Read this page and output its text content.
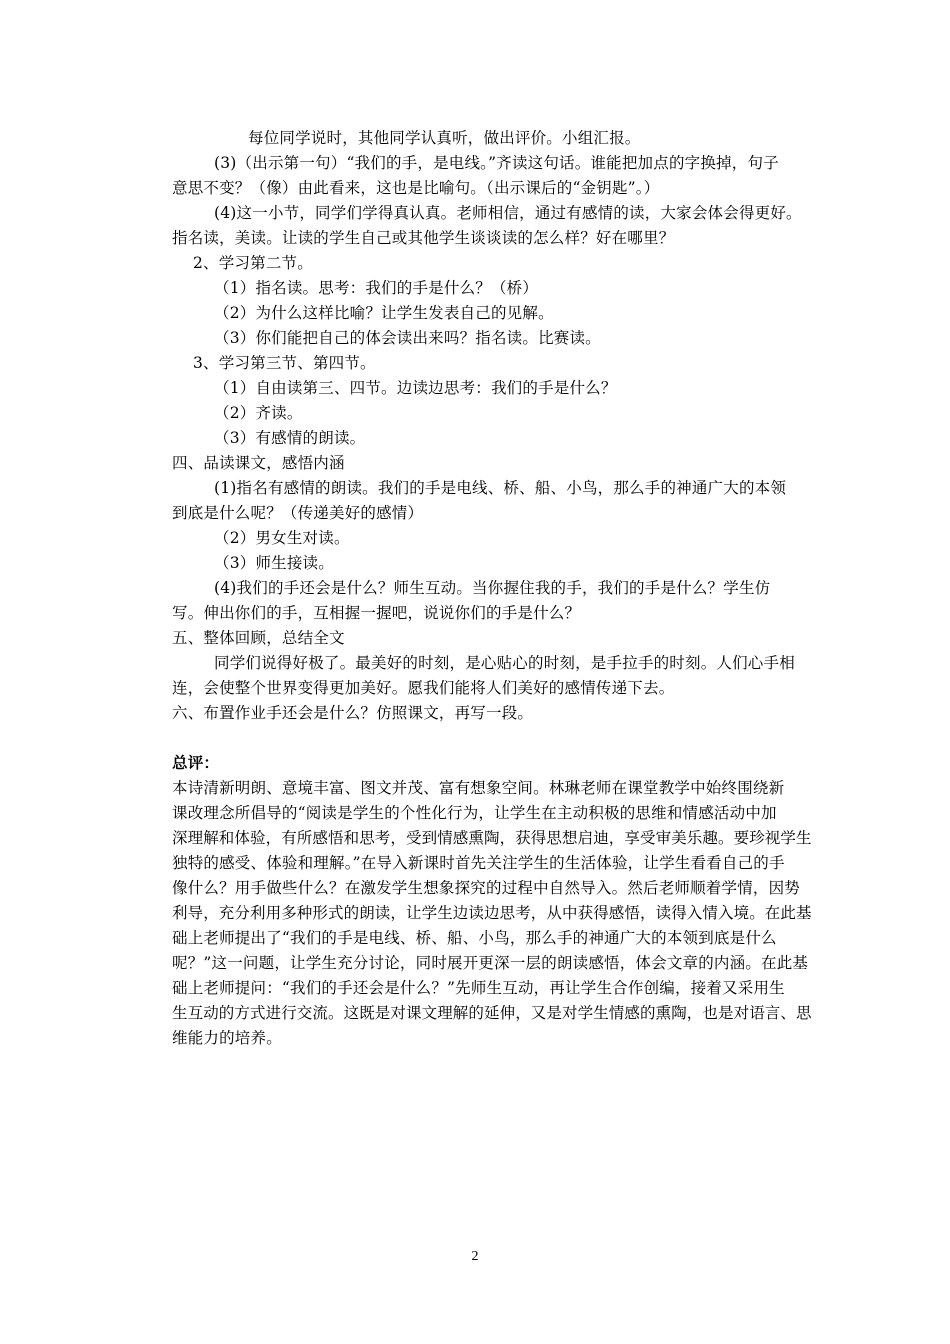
每位同学说时，其他同学认真听，做出评价。小组汇报。
(3)（出示第一句）“我们的手，是电线。”齐读这句话。谁能把加点的字换掉，句子
意思不变？（像）由此看来，这也是比喻句。（出示课后的“金钥匙”。）
(4)这一小节，同学们学得真认真。老师相信，通过有感情的读，大家会体会得更好。
指名读，美读。让读的学生自己或其他学生谈谈读的怎么样？好在哪里？
2、学习第二节。
（1）指名读。思考：我们的手是什么？（桥）
（2）为什么这样比喻？让学生发表自己的见解。
（3）你们能把自己的体会读出来吗？指名读。比赛读。
3、学习第三节、第四节。
（1）自由读第三、四节。边读边思考：我们的手是什么？
（2）齐读。
（3）有感情的朗读。
四、品读课文，感悟内涵
(1)指名有感情的朗读。我们的手是电线、桥、船、小鸟，那么手的神通广大的本领
到底是什么呢？（传递美好的感情）
（2）男女生对读。
（3）师生接读。
(4)我们的手还会是什么？师生互动。当你握住我的手，我们的手是什么？学生仿
写。伸出你们的手，互相握一握吧，说说你们的手是什么？
五、整体回顾，总结全文
同学们说得好极了。最美好的时刻，是心贴心的时刻，是手拉手的时刻。人们心手相
连，会使整个世界变得更加美好。愿我们能将人们美好的感情传递下去。
六、布置作业手还会是什么？仿照课文，再写一段。
总评：
本诗清新明朗、意境丰富、图文并茂、富有想象空间。林琳老师在课堂教学中始终围绕新
课改理念所倡导的“阅读是学生的个性化行为，让学生在主动积极的思维和情感活动中加
深理解和体验，有所感悟和思考，受到情感熏陶，获得思想启迪，享受审美乐趣。要珍视学生
独特的感受、体验和理解。”在导入新课时首先关注学生的生活体验，让学生看看自己的手
像什么？用手做些什么？在激发学生想象探究的过程中自然导入。然后老师顺着学情，因势
利导，充分利用多种形式的朗读，让学生边读边思考，从中获得感悟，读得入情入境。在此基
础上老师提出了“我们的手是电线、桥、船、小鸟，那么手的神通广大的本领到底是什么
呢？”这一问题，让学生充分讨论，同时展开更深一层的朗读感悟，体会文章的内涵。在此基
础上老师提问：“我们的手还会是什么？”先师生互动，再让学生合作创编，接着又采用生
生互动的方式进行交流。这既是对课文理解的延伸，又是对学生情感的熏陶，也是对语言、思
维能力的培养。
2
